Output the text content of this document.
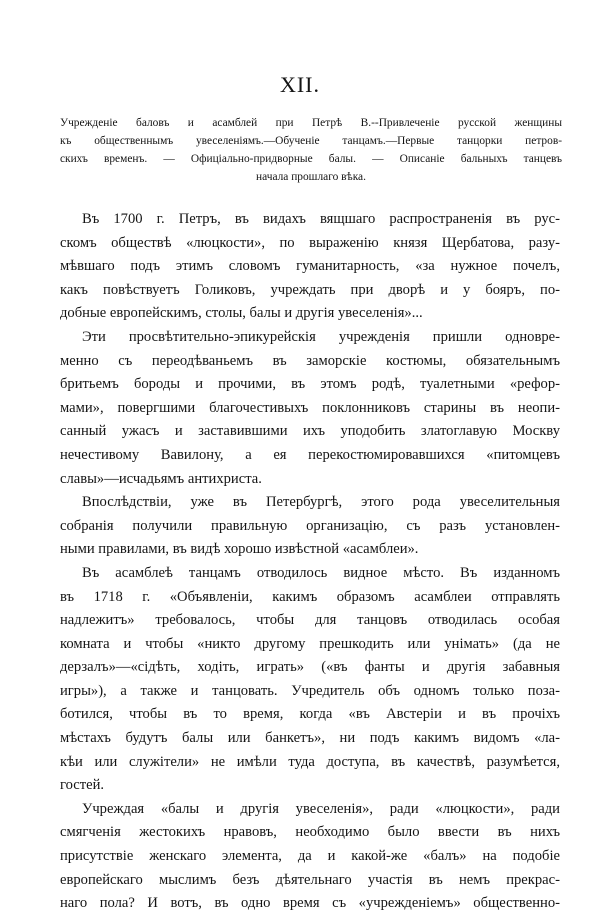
XII.
Учрежденіе баловъ и асамблей при Петрѣ В.--Привлеченіе русской женщины
къ общественнымъ увеселеніямъ.—Обученіе танцамъ.—Первые танцорки петров-
скихъ временъ. — Офиціально-придворные балы. — Описаніе бальныхъ танцевъ
начала прошлаго вѣка.

Въ 1700 г. Петръ, въ видахъ вящшаго распространенія въ рус-
скомъ обществѣ «люцкости», по выраженію князя Щербатова, разу-
мѣвшаго подъ этимъ словомъ гуманитарность, «за нужное почелъ,
какъ повѣствуетъ Голиковъ, учреждать при дворѣ и у бояръ, по-
добные европейскимъ, столы, балы и другія увеселенія»...

Эти просвѣтительно-эпикурейскія учрежденія пришли одновре-
менно съ переодѣваньемъ въ заморскіе костюмы, обязательнымъ
бритьемъ бороды и прочими, въ этомъ родѣ, туалетными «рефор-
мами», повергшими благочестивыхъ поклонниковъ старины въ неопи-
санный ужасъ и заставившими ихъ уподобить златоглавую Москву
нечестивому Вавилону, а ея перекостюмировавшихся «питомцевъ
славы»—исчадьямъ антихриста.

Впослѣдствіи, уже въ Петербургѣ, этого рода увеселительныя
собранія получили правильную организацію, съ разъ установлен-
ными правилами, въ видѣ хорошо извѣстной «асамблеи».

Въ асамблеѣ танцамъ отводилось видное мѣсто. Въ изданномъ
въ 1718 г. «Объявленіи, какимъ образомъ асамблеи отправлять
надлежитъ» требовалось, чтобы для танцовъ отводилась особая
комната и чтобы «никто другому прешкодить или унімать» (да не
дерзалъ»—«сідѣть, ходіть, играть» («въ фанты и другія забавныя
игры»), а также и танцовать. Учредитель объ одномъ только поза-
ботился, чтобы въ то время, когда «въ Австеріи и въ прочіхъ
мѣстахъ будутъ балы или банкетъ», ни подъ какимъ видомъ «ла-
кѣи или служітели» не имѣли туда доступа, въ качествѣ, разумѣется,
гостей.

Учреждая «балы и другія увеселенія», ради «люцкости», ради
смягченія жестокихъ нравовъ, необходимо было ввести въ нихъ
присутствіе женскаго элемента, да и какой-же «балъ» на подобіе
европейскаго мыслимъ безъ дѣятельнаго участія въ немъ прекрас-
наго пола? И вотъ, въ одно время съ «учрежденіемъ» общественно-
